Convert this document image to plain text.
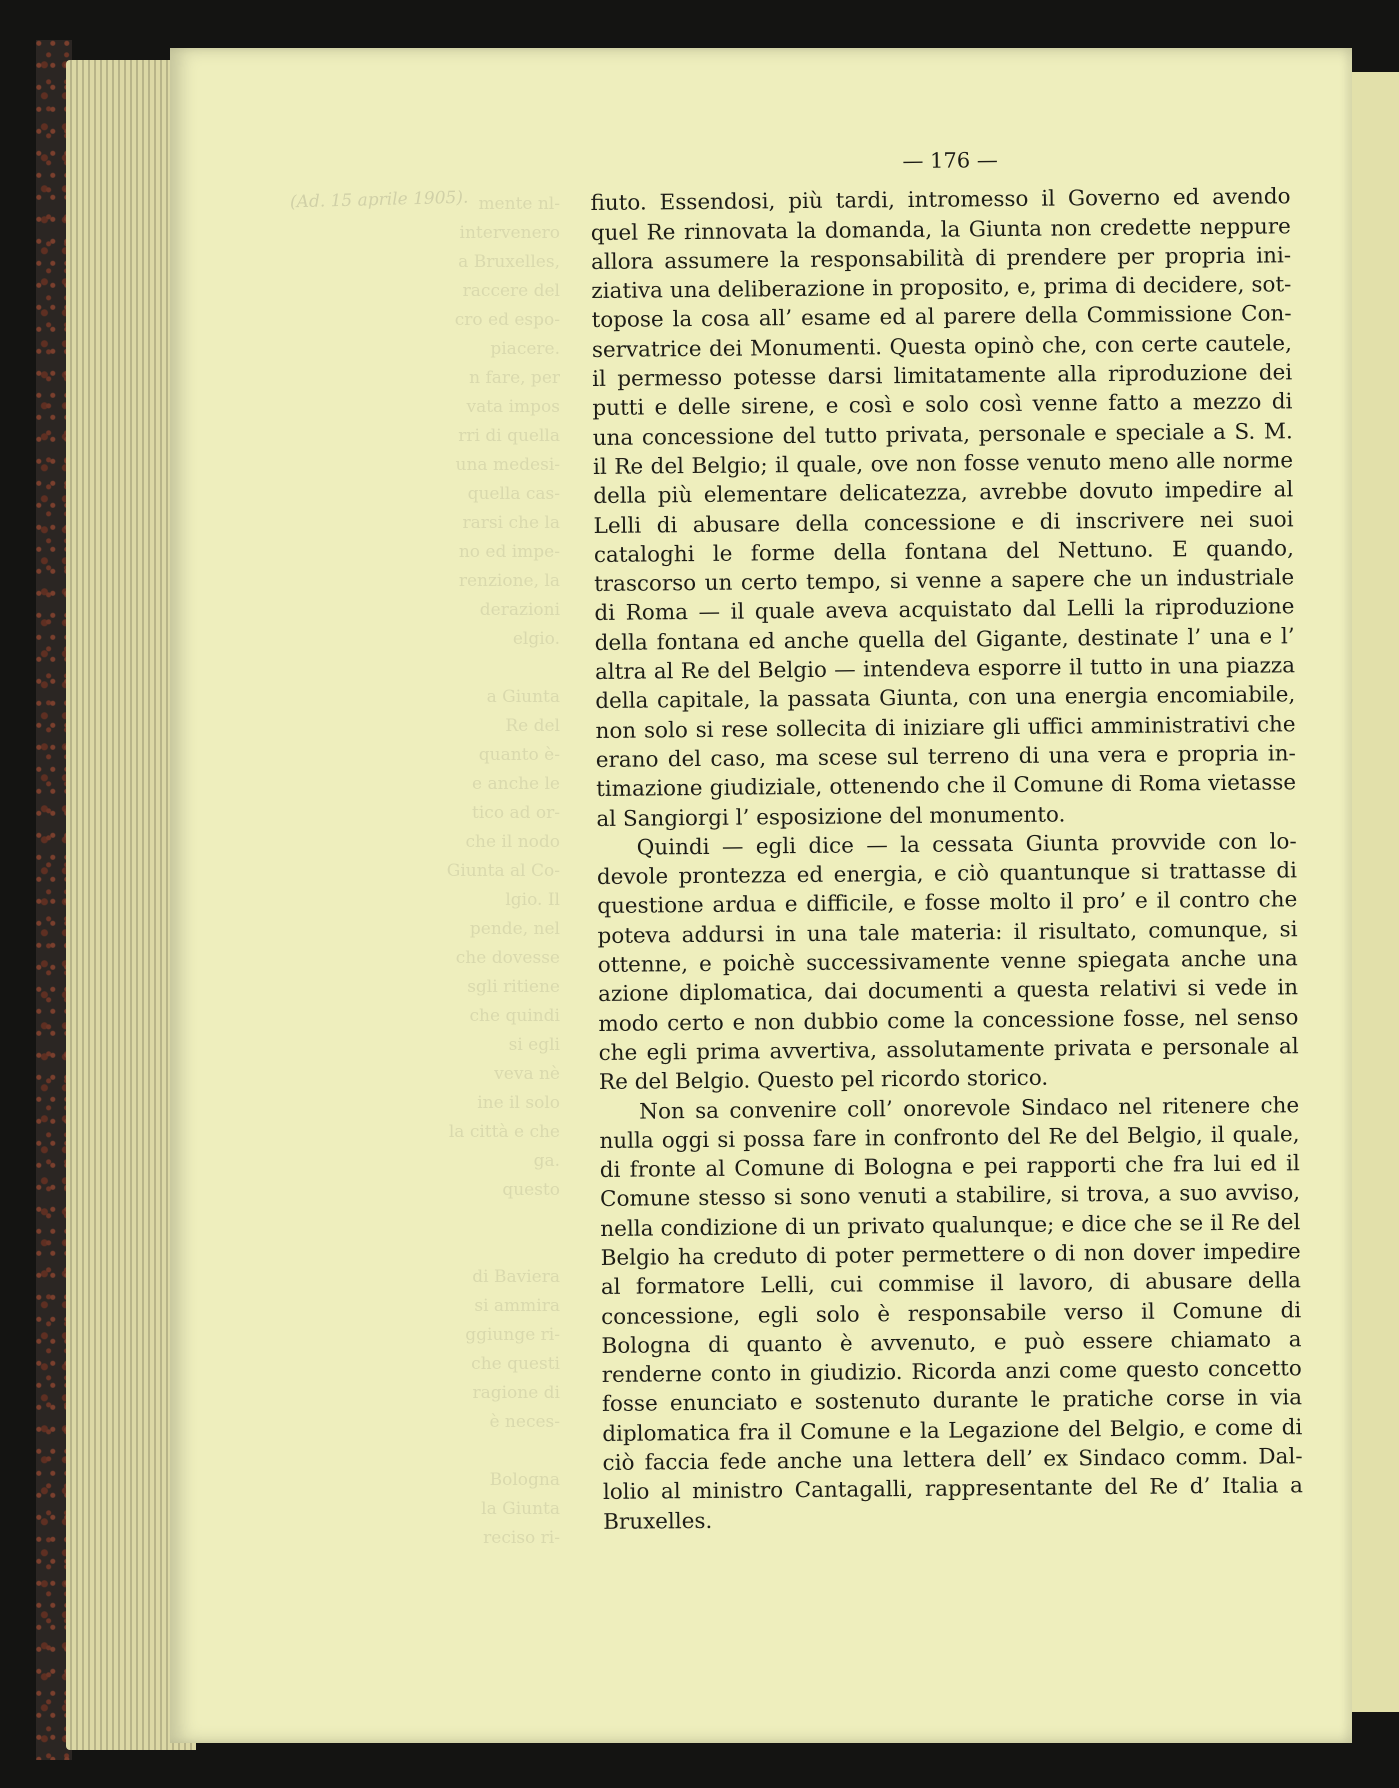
mente nl-
intervenero
a Bruxelles,
raccere del
cro ed espo-
piacere.
n fare, per
vata impos
rri di quella
una medesi-
quella cas-
rarsi che la
no ed impe-
renzione, la
derazioni
elgio.

a Giunta
Re del
quanto è-
e anche le
tico ad or-
che il nodo
Giunta al Co-
lgio. Il
pende, nel
che dovesse
sgli ritiene
che quindi
si egli
veva nè
ine il solo
la città e che
ga.
questo

di Baviera
si ammira
ggiunge ri-
che questi
ragione di
è neces-

Bologna
la Giunta
reciso ri-
(Ad. 15 aprile 1905).
— 176 —

fiuto. Essendosi, più tardi, intromesso il Governo ed avendo quel Re rinnovata la domanda, la Giunta non credette neppure allora assumere la responsabilità di prendere per propria iniziativa una deliberazione in proposito, e, prima di decidere, sottopose la cosa all’ esame ed al parere della Commissione Conservatrice dei Monumenti. Questa opinò che, con certe cautele, il permesso potesse darsi limitatamente alla riproduzione dei putti e delle sirene, e così e solo così venne fatto a mezzo di una concessione del tutto privata, personale e speciale a S. M. il Re del Belgio; il quale, ove non fosse venuto meno alle norme della più elementare delicatezza, avrebbe dovuto impedire al Lelli di abusare della concessione e di inscrivere nei suoi cataloghi le forme della fontana del Nettuno. E quando, trascorso un certo tempo, si venne a sapere che un industriale di Roma — il quale aveva acquistato dal Lelli la riproduzione della fontana ed anche quella del Gigante, destinate l’ una e l’ altra al Re del Belgio — intendeva esporre il tutto in una piazza della capitale, la passata Giunta, con una energia encomiabile, non solo si rese sollecita di iniziare gli uffici amministrativi che erano del caso, ma scese sul terreno di una vera e propria intimazione giudiziale, ottenendo che il Comune di Roma vietasse al Sangiorgi l’ esposizione del monumento.

Quindi — egli dice — la cessata Giunta provvide con lodevole prontezza ed energia, e ciò quantunque si trattasse di questione ardua e difficile, e fosse molto il pro’ e il contro che poteva addursi in una tale materia: il risultato, comunque, si ottenne, e poichè successivamente venne spiegata anche una azione diplomatica, dai documenti a questa relativi si vede in modo certo e non dubbio come la concessione fosse, nel senso che egli prima avvertiva, assolutamente privata e personale al Re del Belgio. Questo pel ricordo storico.

Non sa convenire coll’ onorevole Sindaco nel ritenere che nulla oggi si possa fare in confronto del Re del Belgio, il quale, di fronte al Comune di Bologna e pei rapporti che fra lui ed il Comune stesso si sono venuti a stabilire, si trova, a suo avviso, nella condizione di un privato qualunque; e dice che se il Re del Belgio ha creduto di poter permettere o di non dover impedire al formatore Lelli, cui commise il lavoro, di abusare della concessione, egli solo è responsabile verso il Comune di Bologna di quanto è avvenuto, e può essere chiamato a renderne conto in giudizio. Ricorda anzi come questo concetto fosse enunciato e sostenuto durante le pratiche corse in via diplomatica fra il Comune e la Legazione del Belgio, e come di ciò faccia fede anche una lettera dell’ ex Sindaco comm. Dallolio al ministro Cantagalli, rappresentante del Re d’ Italia a Bruxelles.
